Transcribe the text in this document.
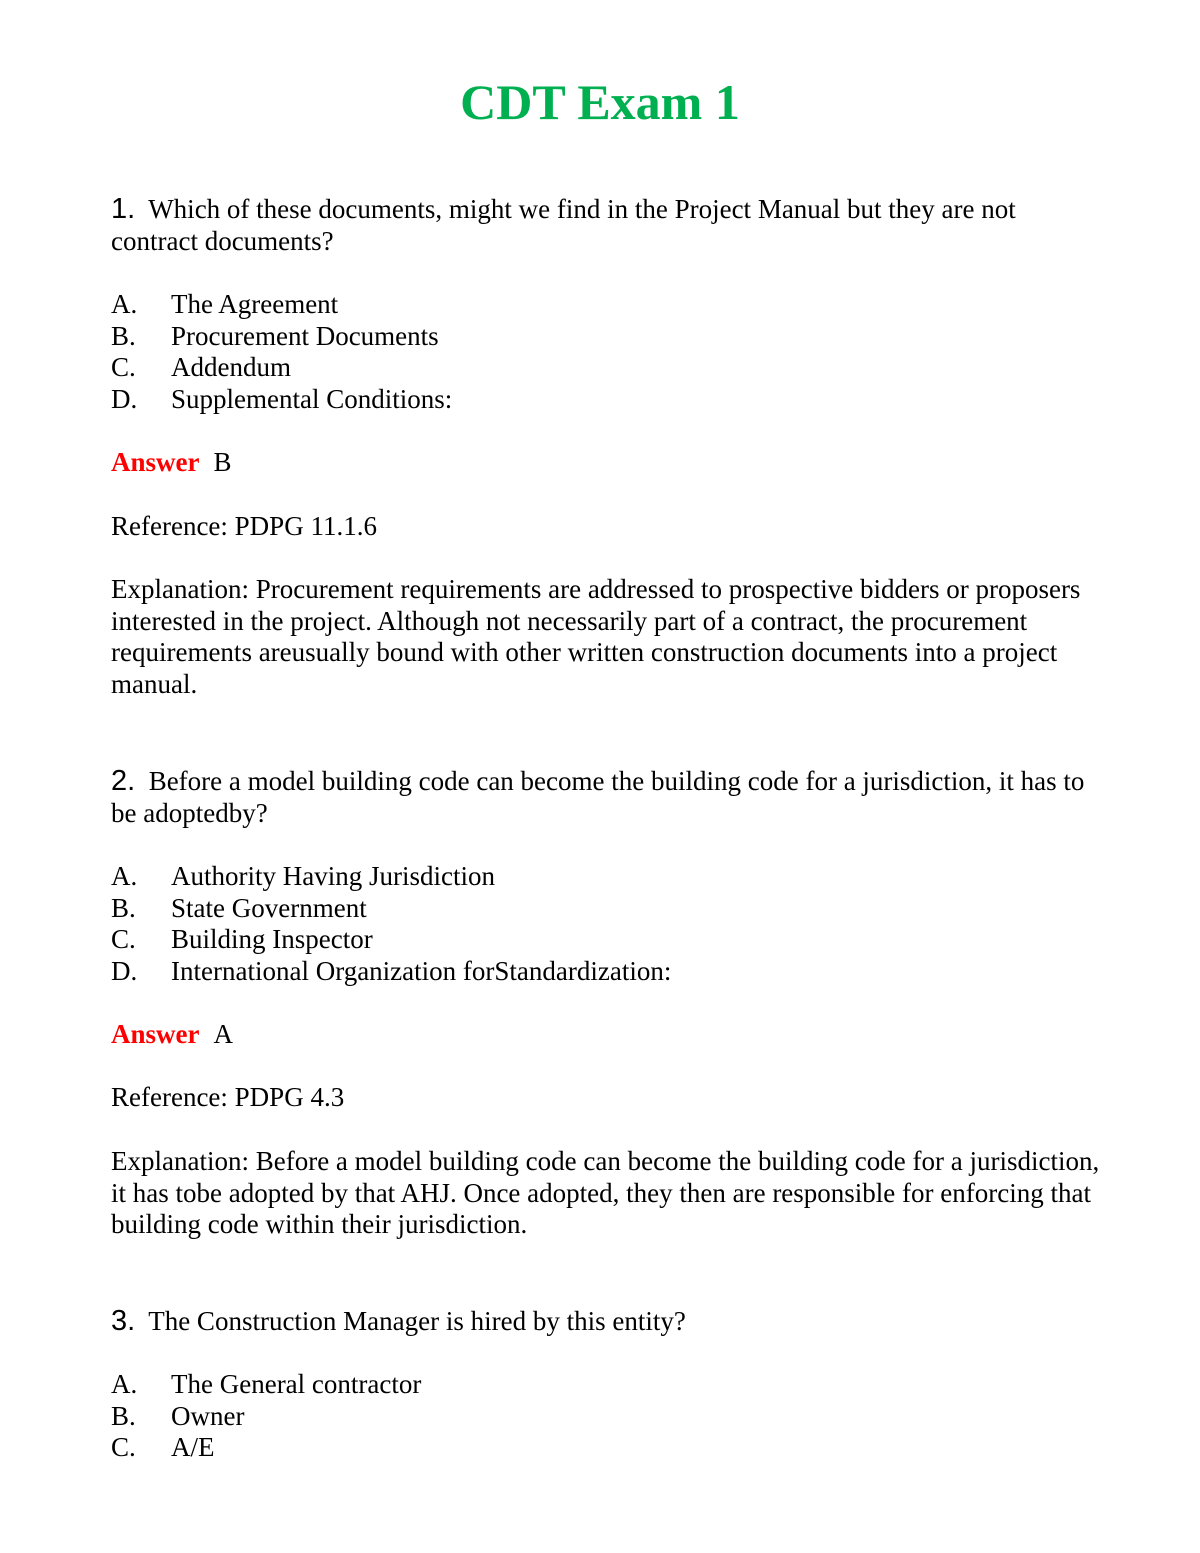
CDT Exam 1

1. Which of these documents, might we find in the Project Manual but they are not contract documents?

A.	The Agreement
B.	Procurement Documents
C.	Addendum
D.	Supplemental Conditions:
Answer B

Reference: PDPG 11.1.6

Explanation: Procurement requirements are addressed to prospective bidders or proposers interested in the project. Although not necessarily part of a contract, the procurement requirements areusually bound with other written construction documents into a project manual.

2. Before a model building code can become the building code for a jurisdiction, it has to be adoptedby?

A.	Authority Having Jurisdiction
B.	State Government
C.	Building Inspector
D.	International Organization forStandardization:
Answer A

Reference: PDPG 4.3

Explanation: Before a model building code can become the building code for a jurisdiction, it has tobe adopted by that AHJ. Once adopted, they then are responsible for enforcing that building code within their jurisdiction.

3. The Construction Manager is hired by this entity?

A.	The General contractor
B.	Owner
C.	A/E
